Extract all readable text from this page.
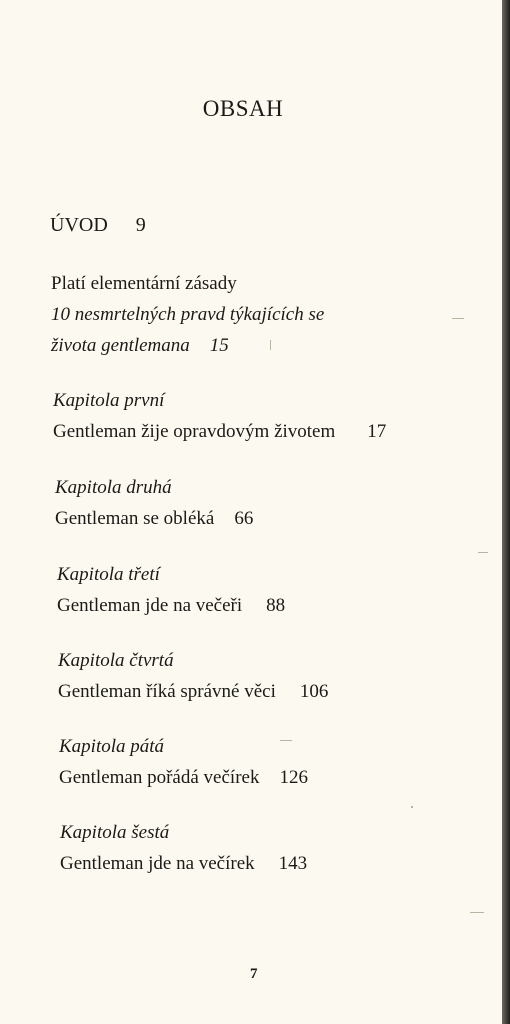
OBSAH
ÚVOD 9
Platí elementární zásady
10 nesmrtelných pravd týkajících se
života gentlemana 15
Kapitola první
Gentleman žije opravdovým životem 17
Kapitola druhá
Gentleman se obléká 66
Kapitola třetí
Gentleman jde na večeři 88
Kapitola čtvrtá
Gentleman říká správné věci 106
Kapitola pátá
Gentleman pořádá večírek 126
Kapitola šestá
Gentleman jde na večírek 143
7
